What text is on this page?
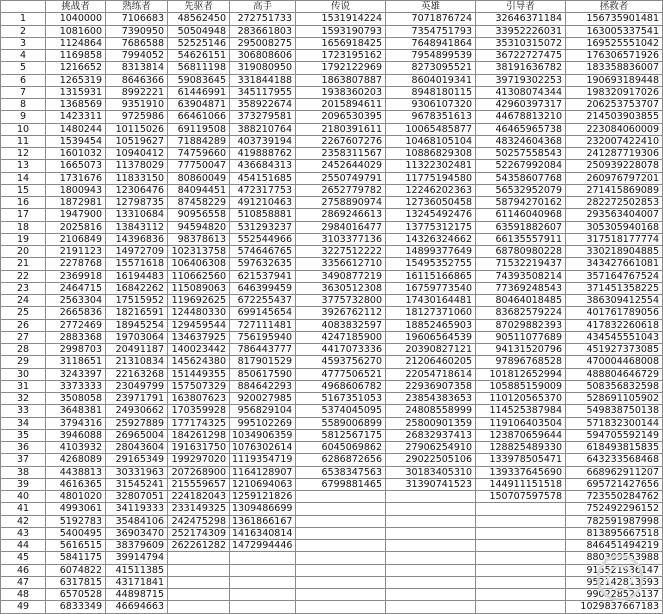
	挑战者	熟练者	先驱者	高手	传说	英雄	引导者	拯救者
1	1040000	7106683	48562450	272751733	1531914224	7071876724	32646371184	156735901481
2	1081600	7390950	50504948	283661803	1593190793	7354751793	33952226031	163005337541
3	1124864	7686588	52525146	295008275	1656918425	7648941864	35310315072	169525551042
4	1169858	7994052	54626151	306808606	1723195162	7954899539	36722727475	176306571926
5	1216652	8313814	56811198	319080950	1792122969	8273095521	38191636782	183358836007
6	1265319	8646366	59083645	331844188	1863807887	8604019341	39719302253	190693189448
7	1315931	8992221	61446991	345117955	1938360203	8948180115	41308074344	198320917026
8	1368569	9351910	63904871	358922674	2015894611	9306107320	42960397317	206253753707
9	1423311	9725986	66461066	373279581	2096530395	9678351613	44678813210	214503903855
10	1480244	10115026	69119508	388210764	2180391611	10065485877	46465965738	223084060009
11	1539454	10519627	71884289	403739194	2267607276	10468105104	48324604368	232007422410
12	1601032	10940412	74759660	419888762	2358311567	10886829308	50257558543	241287719306
13	1665073	11378029	77750047	436684313	2452644029	11322302481	52267992084	250939228078
14	1731676	11833150	80860049	454151685	2550749791	11775194580	54358607768	260976797201
15	1800943	12306476	84094451	472317753	2652779782	12246202363	56532952079	271415869089
16	1872981	12798735	87458229	491210463	2758890974	12736050458	58794270162	282272502853
17	1947900	13310684	90956558	510858881	2869246613	13245492476	61146040968	293563404007
18	2025816	13843112	94594820	531293237	2984016477	13775312175	63591882607	305305940168
19	2106849	14396836	98378613	552544966	3103377136	14326324662	66135557911	317518177774
20	2191123	14972709	102313758	574646765	3227512222	14899377649	68780980228	330218904885
21	2278768	15571618	106406308	597632635	3356612710	15495352755	71532219437	343427661081
22	2369918	16194483	110662560	621537941	3490877219	16115166865	74393508214	357164767524
23	2464715	16842262	115089063	646399459	3630512308	16759773540	77369248543	371451358225
24	2563304	17515952	119692625	672255437	3775732800	17430164481	80464018485	386309412554
25	2665836	18216591	124480330	699145654	3926762112	18127371060	83682579224	401761789056
26	2772469	18945254	129459544	727111481	4083832597	18852465903	87029882393	417832260618
27	2883368	19703064	134637925	756195940	4247185900	19606564539	90511077689	434545551043
28	2998703	20491187	140023442	786443777	4417073336	20390827121	94131520796	451927373085
29	3118651	21310834	145624380	817901529	4593756270	21206460205	97896768528	470004468008
30	3243397	22163268	151449355	850617590	4777506521	22054718614	101812652994	488804646729
31	3373333	23049799	157507329	884642293	4968606782	22936907358	105885159009	508356832598
32	3508058	23971791	163807623	920027985	5167351053	23854383653	110120565370	528691105902
33	3648381	24930662	170359928	956829104	5374045095	24808558999	114525387984	549838750138
34	3794316	25927889	177174325	995102269	5589006899	25800901359	119106403504	571832300144
35	3946088	26965004	184261298	1034906359	5812567175	26832937413	123870659644	594705592149
36	4103932	28043604	191631750	1076302614	6045069862	27906254910	128825489330	618493815835
37	4268089	29165349	199297020	1119354719	6286872656	29022505106	133978505471	643233568468
38	4438813	30331963	207268900	1164128907	6538347563	30183405310	139337645690	668962911207
39	4616365	31545241	215559657	1210694063	6799881465	31390741523	144911151518	695721427656
40	4801020	32807051	224182043	1259121826			150707597578	723550284762
41	4993061	34119333	233149325	1309486699				752492296152
42	5192783	35484106	242475298	1361866167				782591987998
43	5400495	36903470	252174309	1416340814				813895667518
44	5616515	38379609	262261282	1472994446				846451494219
45	5841175	39914794						880309553988
46	6074822	41511385						915521936147
47	6317815	43171841						952142813593
48	6570528	44898715						990228526137
49	6833349	46694663						1029837667183
